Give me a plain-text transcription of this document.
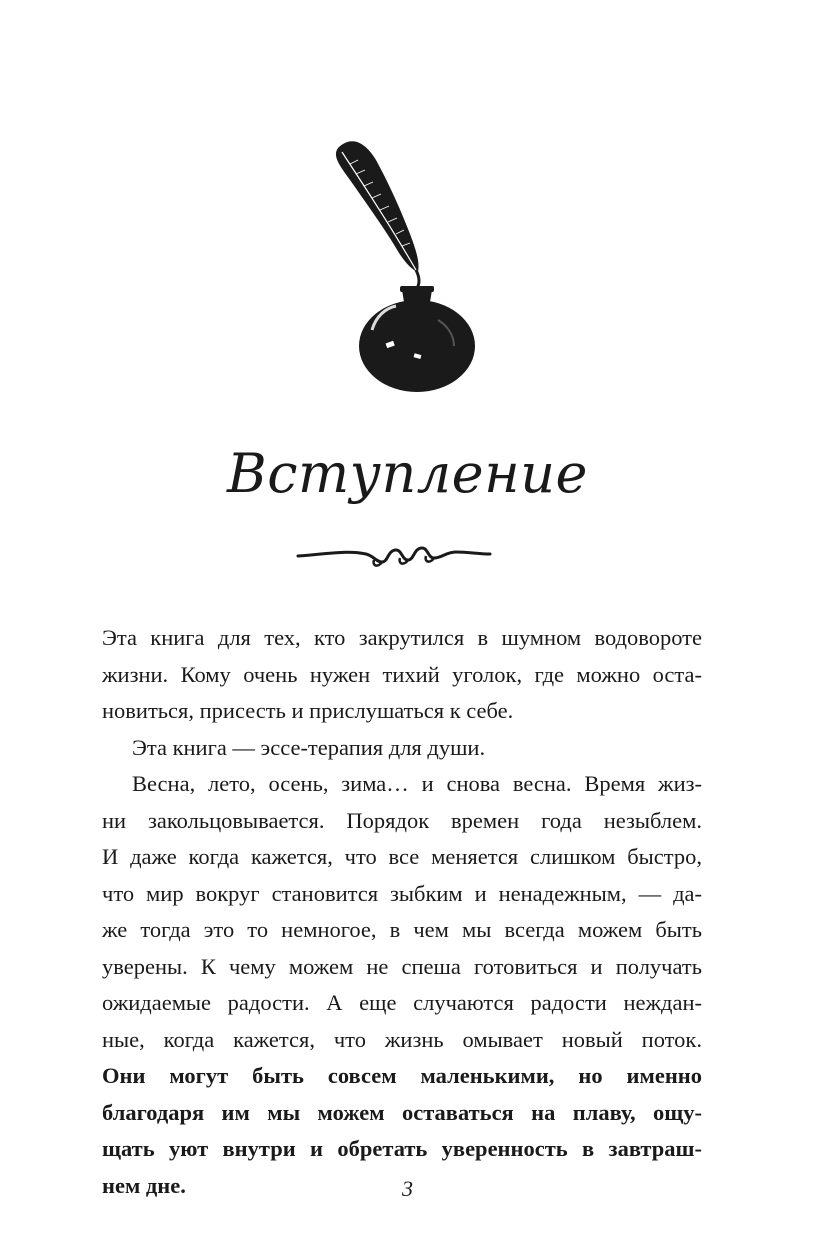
Вступление
Эта книга для тех, кто закрутился в шумном водовороте
жизни. Кому очень нужен тихий уголок, где можно оста-
новиться, присесть и прислушаться к себе.
Эта книга — эссе-терапия для души.
Весна, лето, осень, зима… и снова весна. Время жиз-
ни закольцовывается. Порядок времен года незыблем.
И даже когда кажется, что все меняется слишком быстро,
что мир вокруг становится зыбким и ненадежным, — да-
же тогда это то немногое, в чем мы всегда можем быть
уверены. К чему можем не спеша готовиться и получать
ожидаемые радости. А еще случаются радости неждан-
ные, когда кажется, что жизнь омывает новый поток.
Они могут быть совсем маленькими, но именно
благодаря им мы можем оставаться на плаву, ощу-
щать уют внутри и обретать уверенность в завтраш-
нем дне.	3
